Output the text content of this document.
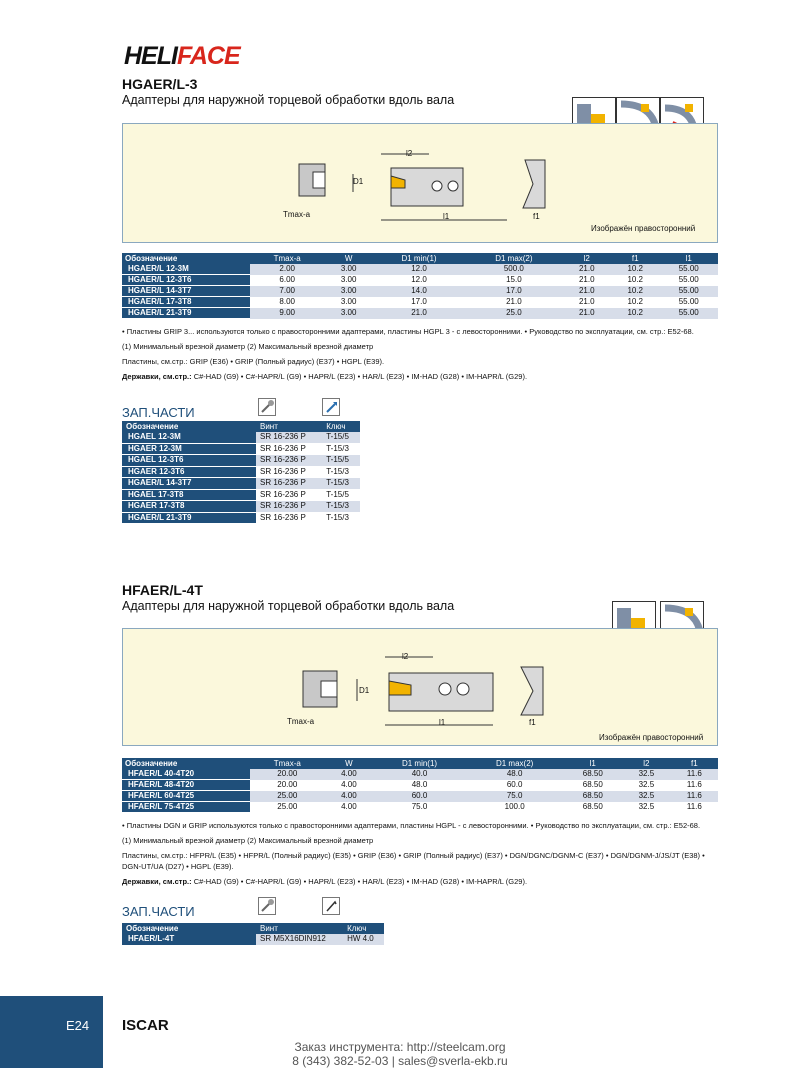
HELIFACE
HGAER/L-3
Адаптеры для наружной торцевой обработки вдоль вала
l2
D1
Tmax-a	l1	f1
Изображён правосторонний
Обозначение	Tmax-a	W	D1 min(1)	D1 max(2)	l2	f1	l1
HGAER/L 12-3M	2.00	3.00	12.0	500.0	21.0	10.2	55.00
HGAER/L 12-3T6	6.00	3.00	12.0	15.0	21.0	10.2	55.00
HGAER/L 14-3T7	7.00	3.00	14.0	17.0	21.0	10.2	55.00
HGAER/L 17-3T8	8.00	3.00	17.0	21.0	21.0	10.2	55.00
HGAER/L 21-3T9	9.00	3.00	21.0	25.0	21.0	10.2	55.00

• Пластины GRIP 3... используются только с правосторонними адаптерами, пластины HGPL 3 - с левосторонними. • Руководство по эксплуатации, см. стр.: E52-68.

(1) Минимальный врезной диаметр (2) Максимальный врезной диаметр

Пластины, см.стр.: GRIP (E36) • GRIP (Полный радиус) (E37) • HGPL (E39).

Державки, см.стр.: C#-HAD (G9) • C#-HAPR/L (G9) • HAPR/L (E23) • HAR/L (E23) • IM-HAD (G28) • IM-HAPR/L (G29).

ЗАП.ЧАСТИ
Обозначение	Винт	Ключ
HGAEL 12-3M	SR 16-236 P	T-15/5
HGAER 12-3M	SR 16-236 P	T-15/3
HGAEL 12-3T6	SR 16-236 P	T-15/5
HGAER 12-3T6	SR 16-236 P	T-15/3
HGAER/L 14-3T7	SR 16-236 P	T-15/3
HGAEL 17-3T8	SR 16-236 P	T-15/5
HGAER 17-3T8	SR 16-236 P	T-15/3
HGAER/L 21-3T9	SR 16-236 P	T-15/3
HFAER/L-4T
Адаптеры для наружной торцевой обработки вдоль вала
l2
D1
Tmax-a	l1	f1
Изображён правосторонний
Обозначение	Tmax-a	W	D1 min(1)	D1 max(2)	l1	l2	f1
HFAER/L 40-4T20	20.00	4.00	40.0	48.0	68.50	32.5	11.6
HFAER/L 48-4T20	20.00	4.00	48.0	60.0	68.50	32.5	11.6
HFAER/L 60-4T25	25.00	4.00	60.0	75.0	68.50	32.5	11.6
HFAER/L 75-4T25	25.00	4.00	75.0	100.0	68.50	32.5	11.6

• Пластины DGN и GRIP используются только с правосторонними адаптерами, пластины HGPL - с левосторонними. • Руководство по эксплуатации, см. стр.: E52-68.

(1) Минимальный врезной диаметр (2) Максимальный врезной диаметр

Пластины, см.стр.: HFPR/L (E35) • HFPR/L (Полный радиус) (E35) • GRIP (E36) • GRIP (Полный радиус) (E37) • DGN/DGNC/DGNM-C (E37) • DGN/DGNM-J/JS/JT (E38) • DGN-UT/UA (D27) • HGPL (E39).

Державки, см.стр.: C#-HAD (G9) • C#-HAPR/L (G9) • HAPR/L (E23) • HAR/L (E23) • IM-HAD (G28) • IM-HAPR/L (G29).

ЗАП.ЧАСТИ
Обозначение	Винт	Ключ
HFAER/L-4T	SR M5X16DIN912	HW 4.0
E24 ISCAR
Заказ инструмента: http://steelcam.org
8 (343) 382-52-03 | sales@sverla-ekb.ru
